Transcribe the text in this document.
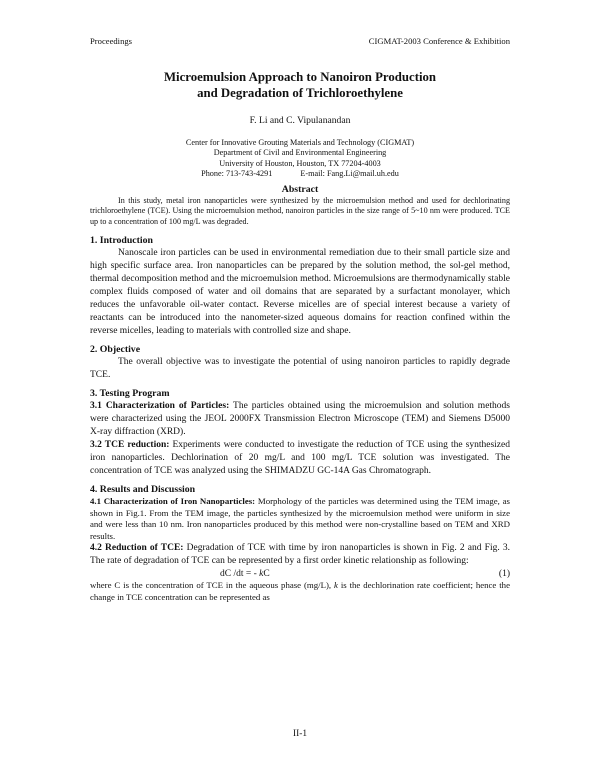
Proceedings	CIGMAT-2003 Conference & Exhibition
Microemulsion Approach to Nanoiron Production
and Degradation of Trichloroethylene
F. Li and C. Vipulanandan
Center for Innovative Grouting Materials and Technology (CIGMAT)
Department of Civil and Environmental Engineering
University of Houston, Houston, TX 77204-4003
Phone: 713-743-4291	E-mail: Fang.Li@mail.uh.edu
Abstract

In this study, metal iron nanoparticles were synthesized by the microemulsion method and used for dechlorinating trichloroethylene (TCE). Using the microemulsion method, nanoiron particles in the size range of 5~10 nm were produced. TCE up to a concentration of 100 mg/L was degraded.

1. Introduction

Nanoscale iron particles can be used in environmental remediation due to their small particle size and high specific surface area. Iron nanoparticles can be prepared by the solution method, the sol-gel method, thermal decomposition method and the microemulsion method. Microemulsions are thermodynamically stable complex fluids composed of water and oil domains that are separated by a surfactant monolayer, which reduces the unfavorable oil-water contact. Reverse micelles are of special interest because a variety of reactants can be introduced into the nanometer-sized aqueous domains for reaction confined within the reverse micelles, leading to materials with controlled size and shape.

2. Objective

The overall objective was to investigate the potential of using nanoiron particles to rapidly degrade TCE.

3. Testing Program

3.1 Characterization of Particles: The particles obtained using the microemulsion and solution methods were characterized using the JEOL 2000FX Transmission Electron Microscope (TEM) and Siemens D5000 X-ray diffraction (XRD).

3.2 TCE reduction: Experiments were conducted to investigate the reduction of TCE using the synthesized iron nanoparticles. Dechlorination of 20 mg/L and 100 mg/L TCE solution was investigated. The concentration of TCE was analyzed using the SHIMADZU GC-14A Gas Chromatograph.

4. Results and Discussion

4.1 Characterization of Iron Nanoparticles: Morphology of the particles was determined using the TEM image, as shown in Fig.1. From the TEM image, the particles synthesized by the microemulsion method were uniform in size and were less than 10 nm. Iron nanoparticles produced by this method were non-crystalline based on TEM and XRD results.

4.2 Reduction of TCE: Degradation of TCE with time by iron nanoparticles is shown in Fig. 2 and Fig. 3. The rate of degradation of TCE can be represented by a first order kinetic relationship as following:

dC /dt = - kC	(1)

where C is the concentration of TCE in the aqueous phase (mg/L), k is the dechlorination rate coefficient; hence the change in TCE concentration can be represented as

II-1
